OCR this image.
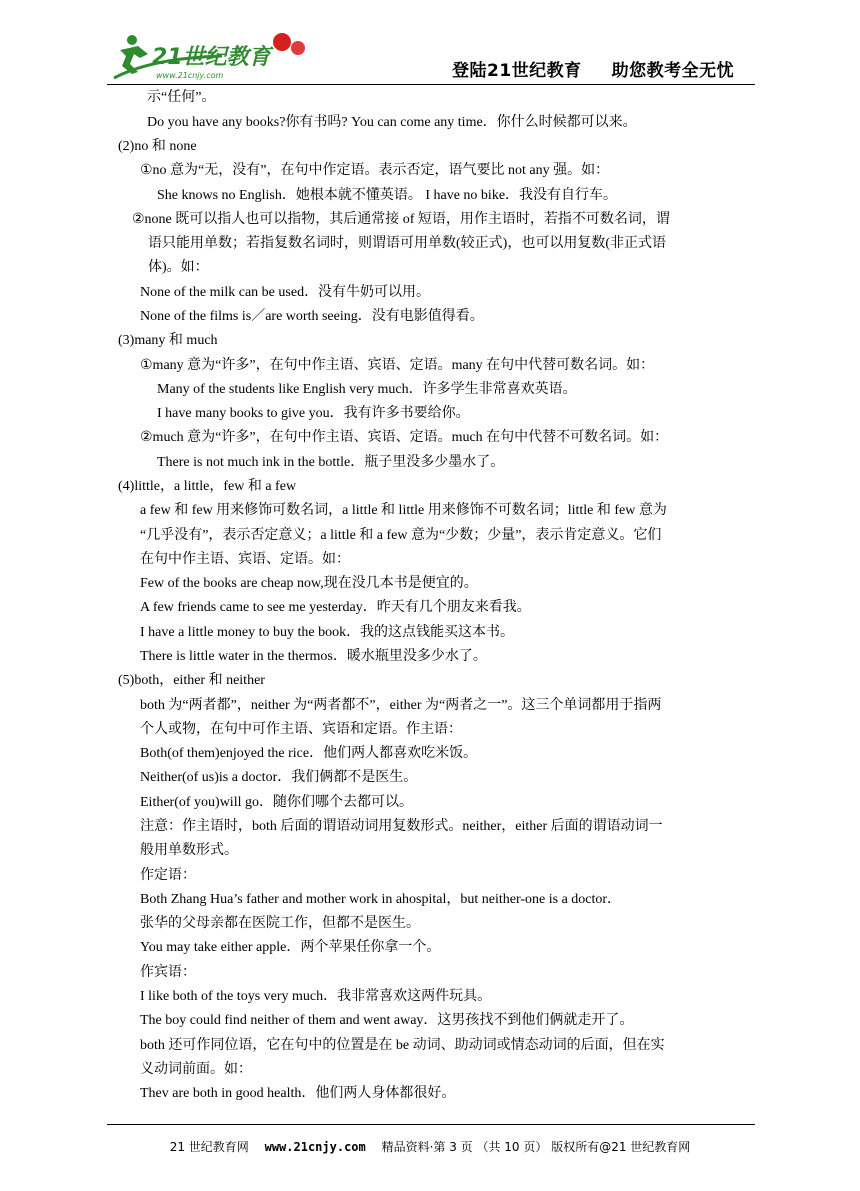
21世纪教育
www.21cnjy.com	登陆21世纪教育 助您教考全无忧
示“任何”。
Do you have any books?你有书吗? You can come any time．你什么时候都可以来。
(2)no 和 none
①no 意为“无，没有”，在句中作定语。表示否定，语气要比 not any 强。如：
She knows no English．她根本就不懂英语。 I have no bike．我没有自行车。
②none 既可以指人也可以指物，其后通常接 of 短语，用作主语时，若指不可数名词，谓
语只能用单数；若指复数名词时，则谓语可用单数(较正式)，也可以用复数(非正式语
体)。如：
None of the milk can be used．没有牛奶可以用。
None of the films is／are worth seeing．没有电影值得看。
(3)many 和 much
①many 意为“许多”，在句中作主语、宾语、定语。many 在句中代替可数名词。如：
Many of the students like English very much．许多学生非常喜欢英语。
I have many books to give you．我有许多书要给你。
②much 意为“许多”，在句中作主语、宾语、定语。much 在句中代替不可数名词。如：
There is not much ink in the bottle．瓶子里没多少墨水了。
(4)little，a little，few 和 a few
a few 和 few 用来修饰可数名词，a little 和 little 用来修饰不可数名词；little 和 few 意为
“几乎没有”，表示否定意义；a little 和 a few 意为“少数；少量”，表示肯定意义。它们
在句中作主语、宾语、定语。如：
Few of the books are cheap now,现在没几本书是便宜的。
A few friends came to see me yesterday．昨天有几个朋友来看我。
I have a little money to buy the book．我的这点钱能买这本书。
There is little water in the thermos．暖水瓶里没多少水了。
(5)both，either 和 neither
both 为“两者都”，neither 为“两者都不”，either 为“两者之一”。这三个单词都用于指两
个人或物，在句中可作主语、宾语和定语。作主语：
Both(of them)enjoyed the rice．他们两人都喜欢吃米饭。
Neither(of us)is a doctor．我们俩都不是医生。
Either(of you)will go．随你们哪个去都可以。
注意：作主语时，both 后面的谓语动词用复数形式。neither，either 后面的谓语动词一
般用单数形式。
作定语：
Both Zhang Hua’s father and mother work in ahospital，but neither-one is a doctor．
张华的父母亲都在医院工作，但都不是医生。
You may take either apple．两个苹果任你拿一个。
作宾语：
I like both of the toys very much．我非常喜欢这两件玩具。
The boy could find neither of them and went away．这男孩找不到他们俩就走开了。
both 还可作同位语，它在句中的位置是在 be 动词、助动词或情态动词的后面，但在实
义动词前面。如：
Thev are both in good health．他们两人身体都很好。
21 世纪教育网 www.21cnjy.com 精品资料·第 3 页 （共 10 页） 版权所有@21 世纪教育网
